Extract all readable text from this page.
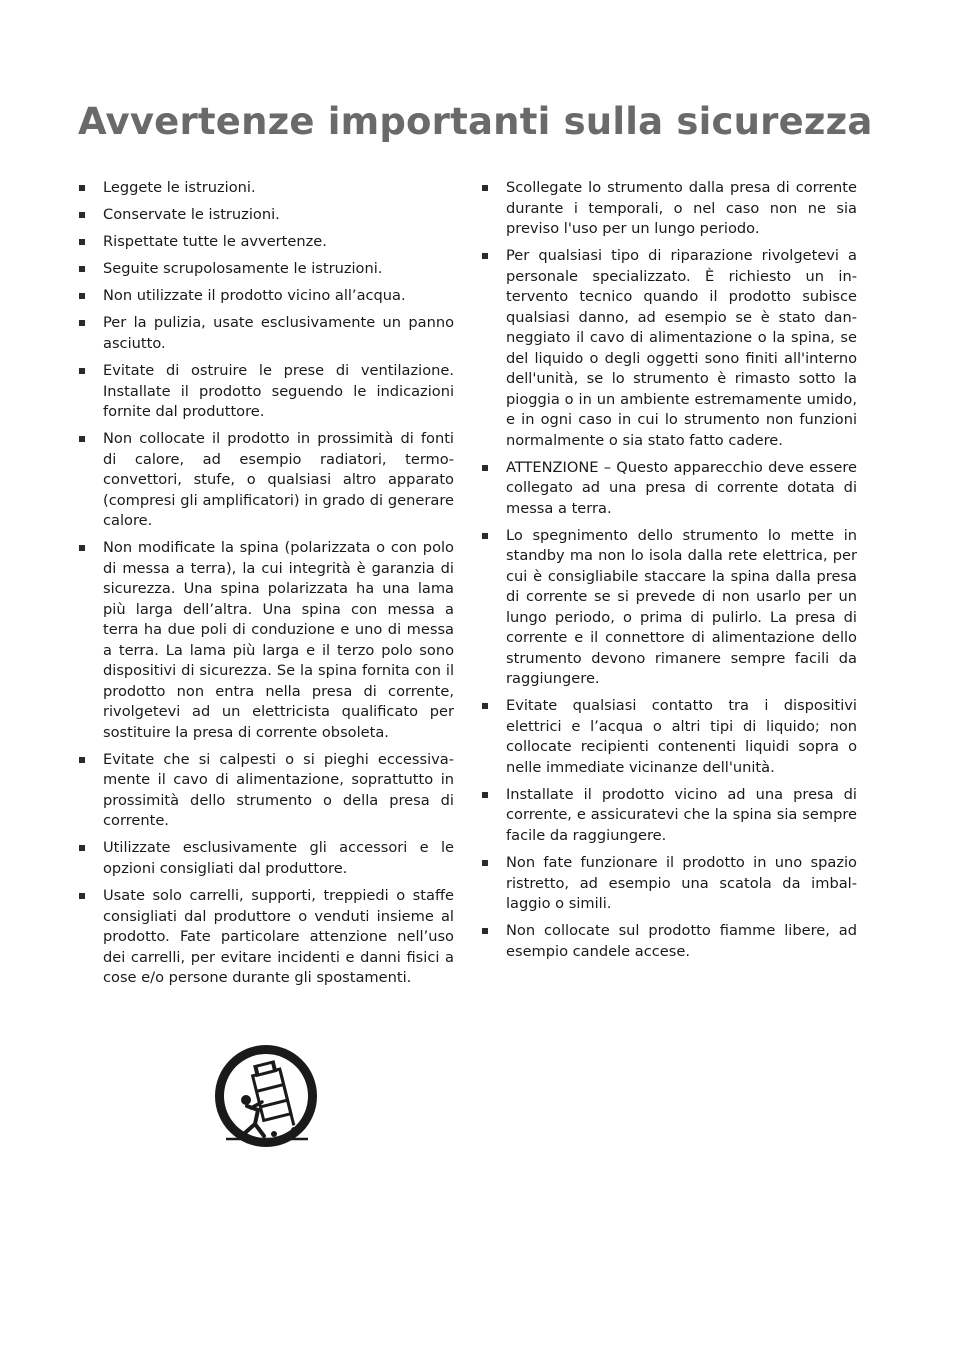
Avvertenze importanti sulla sicurezza
Leggete le istruzioni.
Conservate le istruzioni.
Rispettate tutte le avvertenze.
Seguite scrupolosamente le istruzioni.
Non utilizzate il prodotto vicino all’acqua.
Per la pulizia, usate esclusivamente un panno asciutto.
Evitate di ostruire le prese di ventilazione. Installate il prodotto seguendo le indicazioni fornite dal produttore.
Non collocate il prodotto in prossimità di fonti di calore, ad esempio radiatori, termoconvettori, stufe, o qualsiasi altro apparato (compresi gli amplificatori) in grado di generare calore.
Non modificate la spina (polarizzata o con polo di messa a terra), la cui integrità è garanzia di sicurezza. Una spina polarizzata ha una lama più larga dell’altra. Una spina con messa a terra ha due poli di conduzione e uno di messa a terra. La lama più larga e il terzo polo sono dispositivi di sicurezza. Se la spina fornita con il prodotto non entra nella presa di corrente, rivolgetevi ad un elettricista qualificato per sostituire la presa di corrente obsoleta.
Evitate che si calpesti o si pieghi eccessivamente il cavo di alimentazione, soprattutto in prossimità dello strumento o della presa di corrente.
Utilizzate esclusivamente gli accessori e le opzioni consigliati dal produttore.
Usate solo carrelli, supporti, treppiedi o staffe consigliati dal produttore o venduti insieme al prodotto. Fate particolare attenzione nell’uso dei carrelli, per evitare incidenti e danni fisici a cose e/o persone durante gli spostamenti.
Scollegate lo strumento dalla presa di corrente durante i temporali, o nel caso non ne sia previso l'uso per un lungo periodo.
Per qualsiasi tipo di riparazione rivolgetevi a personale specializzato. È richiesto un intervento tecnico quando il prodotto subisce qualsiasi danno, ad esempio se è stato danneggiato il cavo di alimentazione o la spina, se del liquido o degli oggetti sono finiti all'interno dell'unità, se lo strumento è rimasto sotto la pioggia o in un ambiente estremamente umido, e in ogni caso in cui lo strumento non funzioni normalmente o sia stato fatto cadere.
ATTENZIONE – Questo apparecchio deve essere collegato ad una presa di corrente dotata di messa a terra.
Lo spegnimento dello strumento lo mette in standby ma non lo isola dalla rete elettrica, per cui è consigliabile staccare la spina dalla presa di corrente se si prevede di non usarlo per un lungo periodo, o prima di pulirlo. La presa di corrente e il connettore di alimentazione dello strumento devono rimanere sempre facili da raggiungere.
Evitate qualsiasi contatto tra i dispositivi elettrici e l’acqua o altri tipi di liquido; non collocate recipienti contenenti liquidi sopra o nelle immediate vicinanze dell'unità.
Installate il prodotto vicino ad una presa di corrente, e assicuratevi che la spina sia sempre facile da raggiungere.
Non fate funzionare il prodotto in uno spazio ristretto, ad esempio una scatola da imballaggio o simili.
Non collocate sul prodotto fiamme libere, ad esempio candele accese.
